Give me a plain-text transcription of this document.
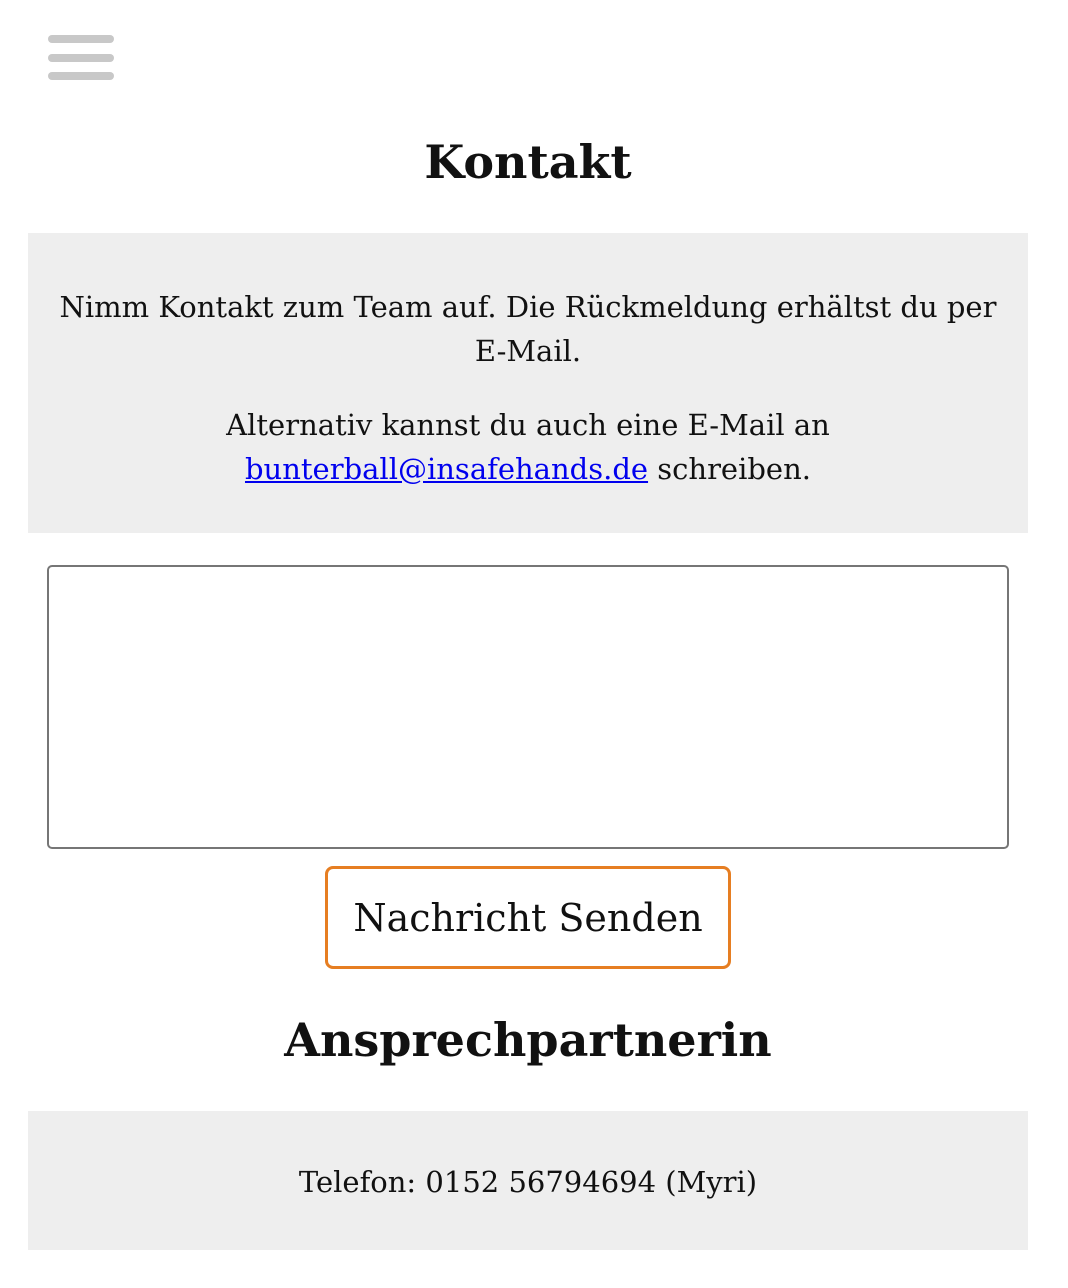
Kontakt

Nimm Kontakt zum Team auf. Die Rückmeldung erhältst du per E-Mail.

Alternativ kannst du auch eine E-Mail an
bunterball@insafehands.de schreiben.

Nachricht Senden
Ansprechpartnerin

Telefon: 0152 56794694 (Myri)
